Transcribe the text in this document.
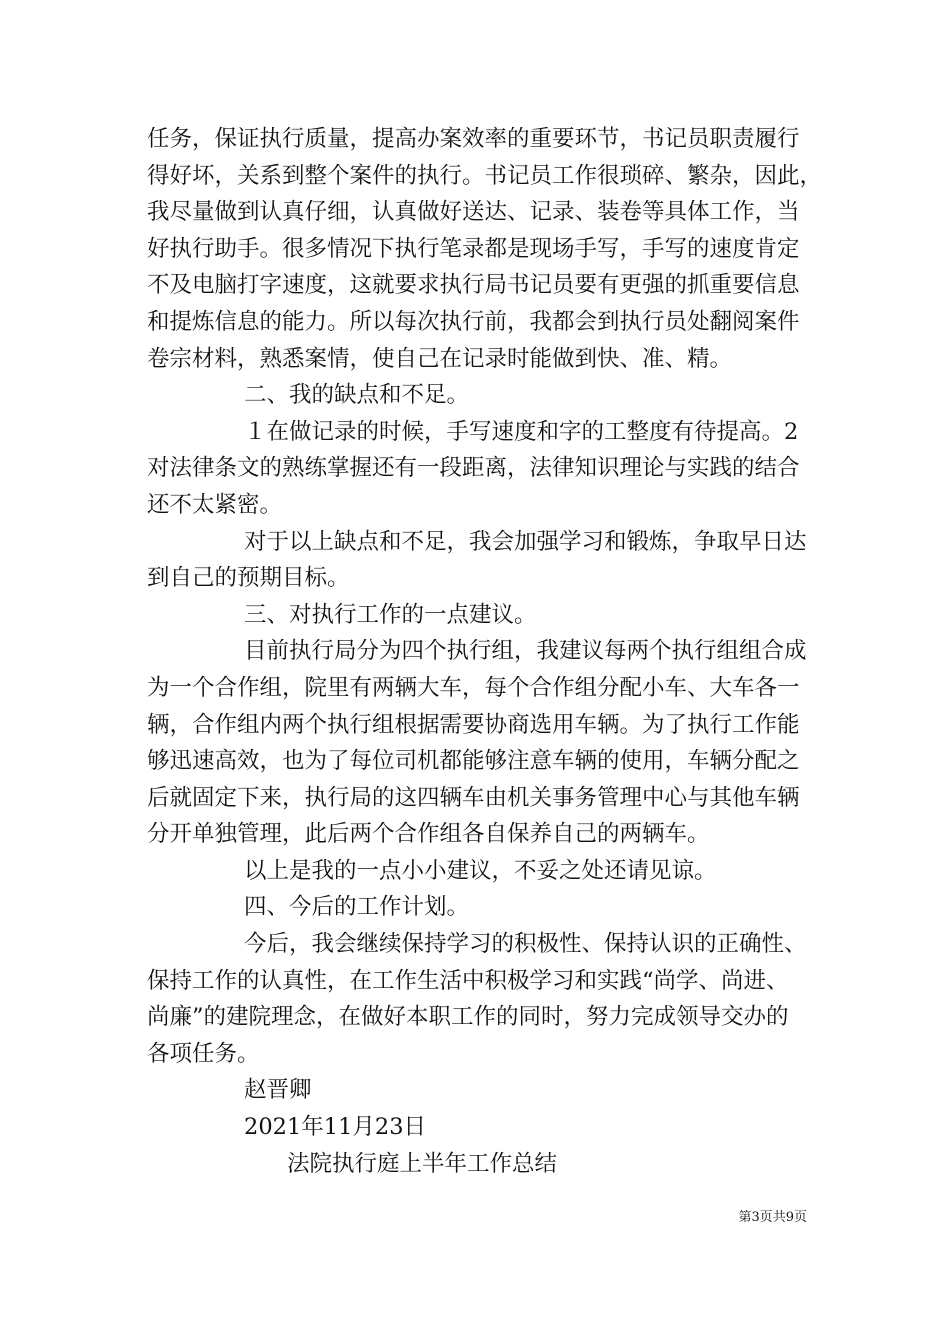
任务，保证执行质量，提高办案效率的重要环节，书记员职责履行
得好坏，关系到整个案件的执行。书记员工作很琐碎、繁杂，因此，
我尽量做到认真仔细，认真做好送达、记录、装卷等具体工作，当
好执行助手。很多情况下执行笔录都是现场手写，手写的速度肯定
不及电脑打字速度，这就要求执行局书记员要有更强的抓重要信息
和提炼信息的能力。所以每次执行前，我都会到执行员处翻阅案件
卷宗材料，熟悉案情，使自己在记录时能做到快、准、精。
二、我的缺点和不足。
１在做记录的时候，手写速度和字的工整度有待提高。2
对法律条文的熟练掌握还有一段距离，法律知识理论与实践的结合
还不太紧密。
对于以上缺点和不足，我会加强学习和锻炼，争取早日达
到自己的预期目标。
三、对执行工作的一点建议。
目前执行局分为四个执行组，我建议每两个执行组组合成
为一个合作组，院里有两辆大车，每个合作组分配小车、大车各一
辆，合作组内两个执行组根据需要协商选用车辆。为了执行工作能
够迅速高效，也为了每位司机都能够注意车辆的使用，车辆分配之
后就固定下来，执行局的这四辆车由机关事务管理中心与其他车辆
分开单独管理，此后两个合作组各自保养自己的两辆车。
以上是我的一点小小建议，不妥之处还请见谅。
四、今后的工作计划。
今后，我会继续保持学习的积极性、保持认识的正确性、
保持工作的认真性，在工作生活中积极学习和实践“尚学、尚进、
尚廉”的建院理念，在做好本职工作的同时，努力完成领导交办的
各项任务。
赵晋卿
2021年11月23日
法院执行庭上半年工作总结
第3页共9页
